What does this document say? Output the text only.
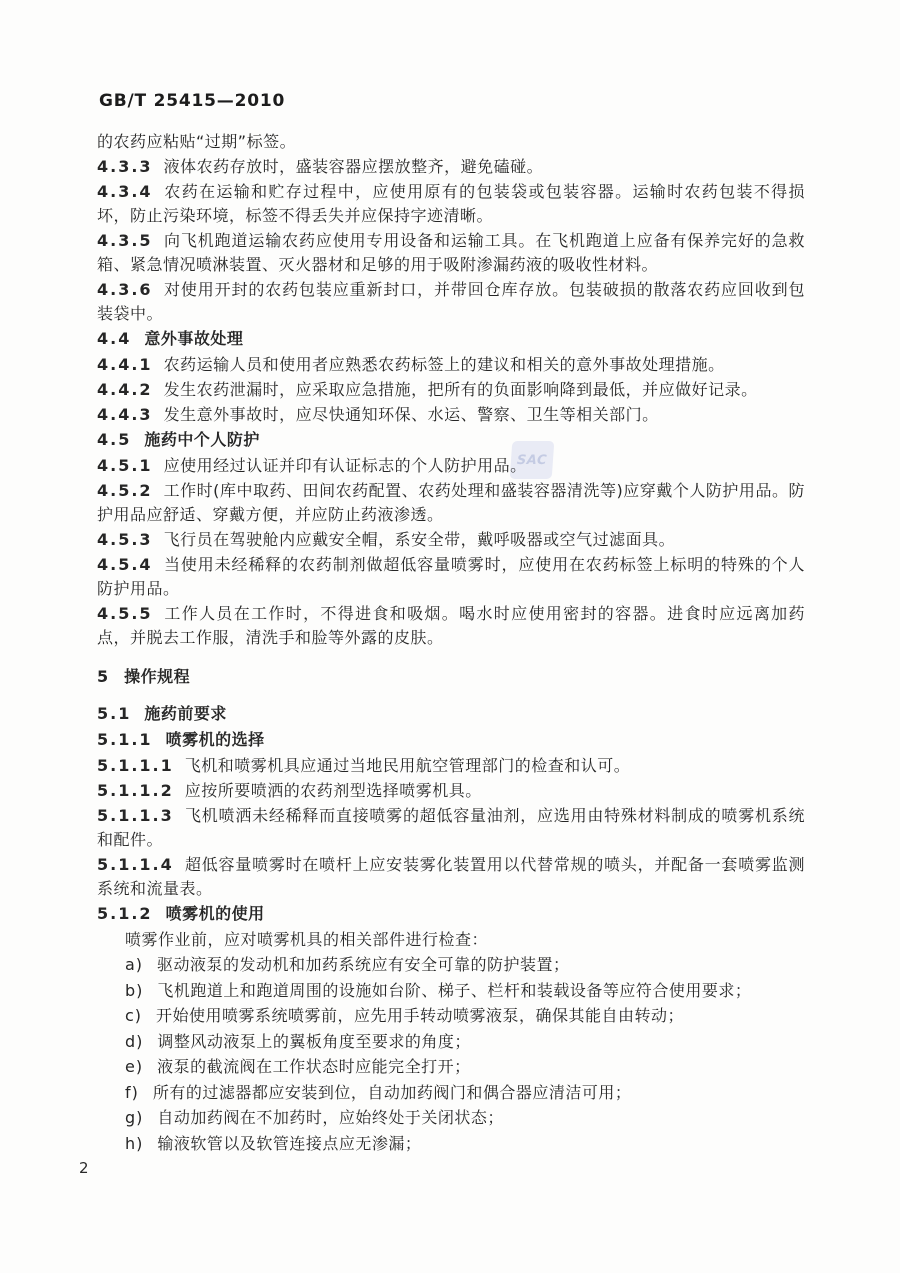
GB/T 25415—2010
SAC

的农药应粘贴“过期”标签。

4.3.3 液体农药存放时，盛装容器应摆放整齐，避免磕碰。

4.3.4 农药在运输和贮存过程中，应使用原有的包装袋或包装容器。运输时农药包装不得损坏，防止污染环境，标签不得丢失并应保持字迹清晰。

4.3.5 向飞机跑道运输农药应使用专用设备和运输工具。在飞机跑道上应备有保养完好的急救箱、紧急情况喷淋装置、灭火器材和足够的用于吸附渗漏药液的吸收性材料。

4.3.6 对使用开封的农药包装应重新封口，并带回仓库存放。包装破损的散落农药应回收到包装袋中。

4.4 意外事故处理

4.4.1 农药运输人员和使用者应熟悉农药标签上的建议和相关的意外事故处理措施。

4.4.2 发生农药泄漏时，应采取应急措施，把所有的负面影响降到最低，并应做好记录。

4.4.3 发生意外事故时，应尽快通知环保、水运、警察、卫生等相关部门。

4.5 施药中个人防护

4.5.1 应使用经过认证并印有认证标志的个人防护用品。

4.5.2 工作时(库中取药、田间农药配置、农药处理和盛装容器清洗等)应穿戴个人防护用品。防护用品应舒适、穿戴方便，并应防止药液渗透。

4.5.3 飞行员在驾驶舱内应戴安全帽，系安全带，戴呼吸器或空气过滤面具。

4.5.4 当使用未经稀释的农药制剂做超低容量喷雾时，应使用在农药标签上标明的特殊的个人防护用品。

4.5.5 工作人员在工作时，不得进食和吸烟。喝水时应使用密封的容器。进食时应远离加药点，并脱去工作服，清洗手和脸等外露的皮肤。

5 操作规程

5.1 施药前要求

5.1.1 喷雾机的选择

5.1.1.1 飞机和喷雾机具应通过当地民用航空管理部门的检查和认可。

5.1.1.2 应按所要喷洒的农药剂型选择喷雾机具。

5.1.1.3 飞机喷洒未经稀释而直接喷雾的超低容量油剂，应选用由特殊材料制成的喷雾机系统和配件。

5.1.1.4 超低容量喷雾时在喷杆上应安装雾化装置用以代替常规的喷头，并配备一套喷雾监测系统和流量表。

5.1.2 喷雾机的使用

喷雾作业前，应对喷雾机具的相关部件进行检查：

a) 驱动液泵的发动机和加药系统应有安全可靠的防护装置；

b) 飞机跑道上和跑道周围的设施如台阶、梯子、栏杆和装载设备等应符合使用要求；

c) 开始使用喷雾系统喷雾前，应先用手转动喷雾液泵，确保其能自由转动；

d) 调整风动液泵上的翼板角度至要求的角度；

e) 液泵的截流阀在工作状态时应能完全打开；

f) 所有的过滤器都应安装到位，自动加药阀门和偶合器应清洁可用；

g) 自动加药阀在不加药时，应始终处于关闭状态；

h) 输液软管以及软管连接点应无渗漏；

2
